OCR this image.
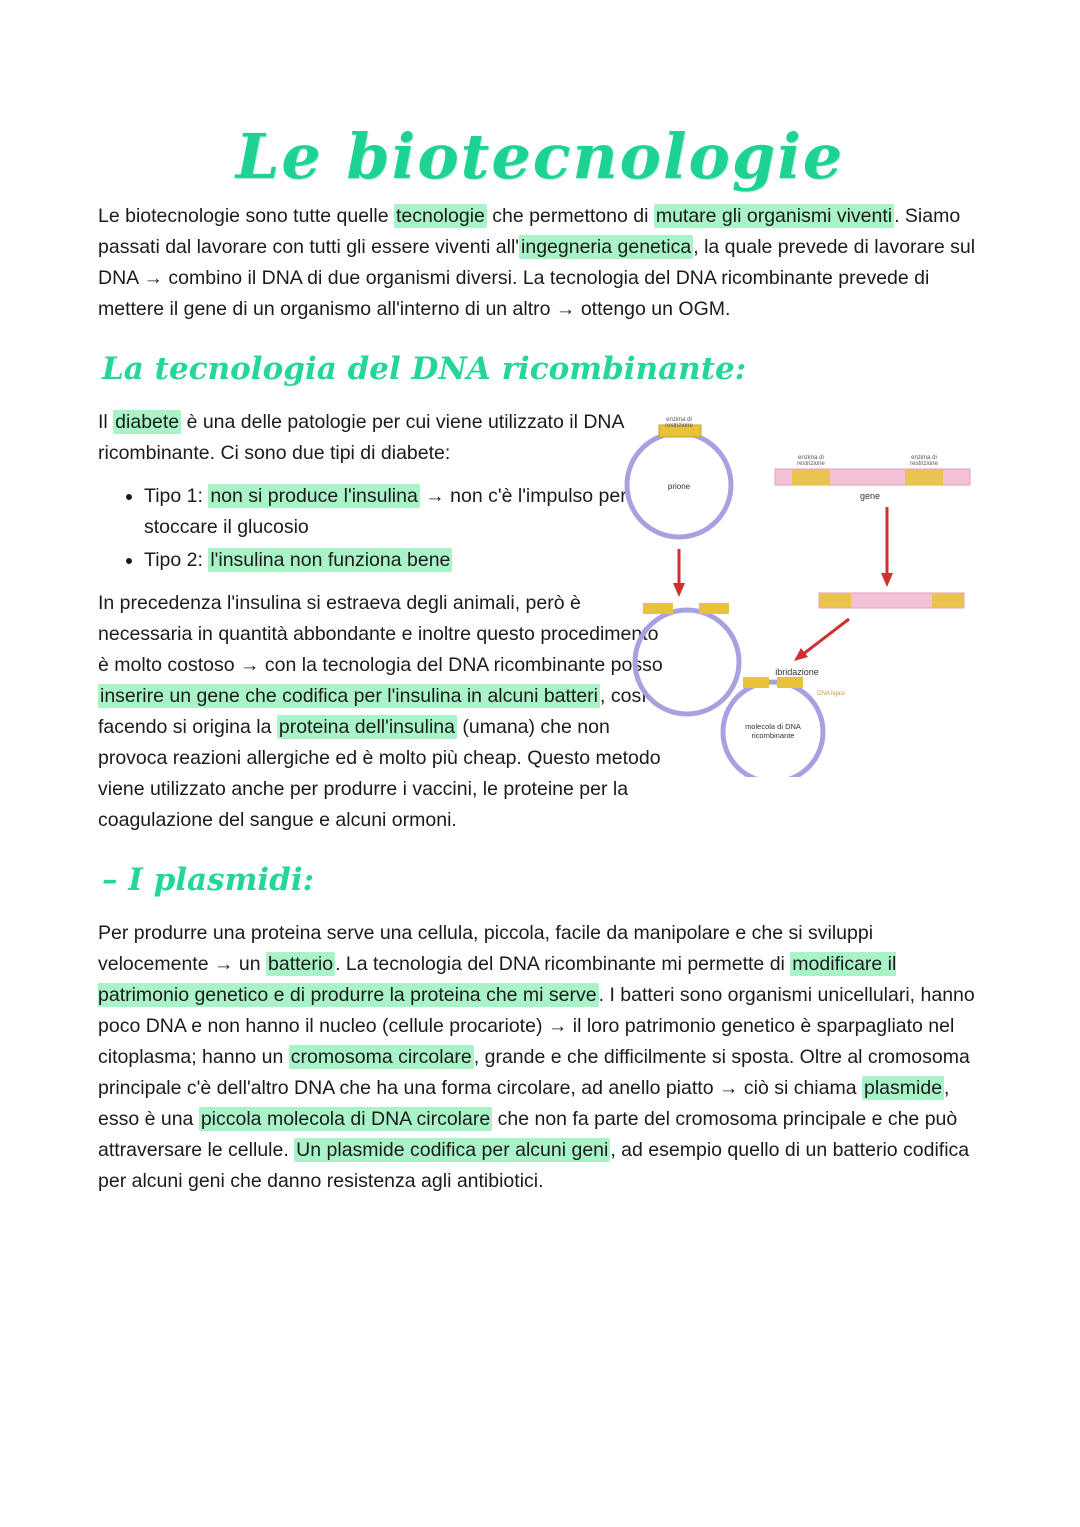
Le biotecnologie

Le biotecnologie sono tutte quelle tecnologie che permettono di mutare gli organismi viventi . Siamo passati dal lavorare con tutti gli essere viventi all' ingegneria genetica , la quale prevede di lavorare sul DNA → combino il DNA di due organismi diversi. La tecnologia del DNA ricombinante prevede di mettere il gene di un organismo all'interno di un altro → ottengo un OGM.

La tecnologia del DNA ricombinante:
enzima di
restrizione
prione
enzima di
restrizione
enzima di
restrizione
gene
ibridazione
DNA ligasi
molecola di DNA
ricombinante

Il diabete è una delle patologie per cui viene utilizzato il DNA ricombinante. Ci sono due tipi di diabete:

• Tipo 1: non si produce l'insulina → non c'è l'impulso per stoccare il glucosio
• Tipo 2: l'insulina non funziona bene

In precedenza l'insulina si estraeva degli animali, però è necessaria in quantità abbondante e inoltre questo procedimento è molto costoso → con la tecnologia del DNA ricombinante posso inserire un gene che codifica per l'insulina in alcuni batteri , così facendo si origina la proteina dell'insulina (umana) che non provoca reazioni allergiche ed è molto più cheap. Questo metodo viene utilizzato anche per produrre i vaccini, le proteine per la coagulazione del sangue e alcuni ormoni.

– I plasmidi:

Per produrre una proteina serve una cellula, piccola, facile da manipolare e che si sviluppi velocemente → un batterio . La tecnologia del DNA ricombinante mi permette di modificare il patrimonio genetico e di produrre la proteina che mi serve . I batteri sono organismi unicellulari, hanno poco DNA e non hanno il nucleo (cellule procariote) → il loro patrimonio genetico è sparpagliato nel citoplasma; hanno un cromosoma circolare , grande e che difficilmente si sposta. Oltre al cromosoma principale c'è dell'altro DNA che ha una forma circolare, ad anello piatto → ciò si chiama plasmide , esso è una piccola molecola di DNA circolare che non fa parte del cromosoma principale e che può attraversare le cellule. Un plasmide codifica per alcuni geni , ad esempio quello di un batterio codifica per alcuni geni che danno resistenza agli antibiotici.
